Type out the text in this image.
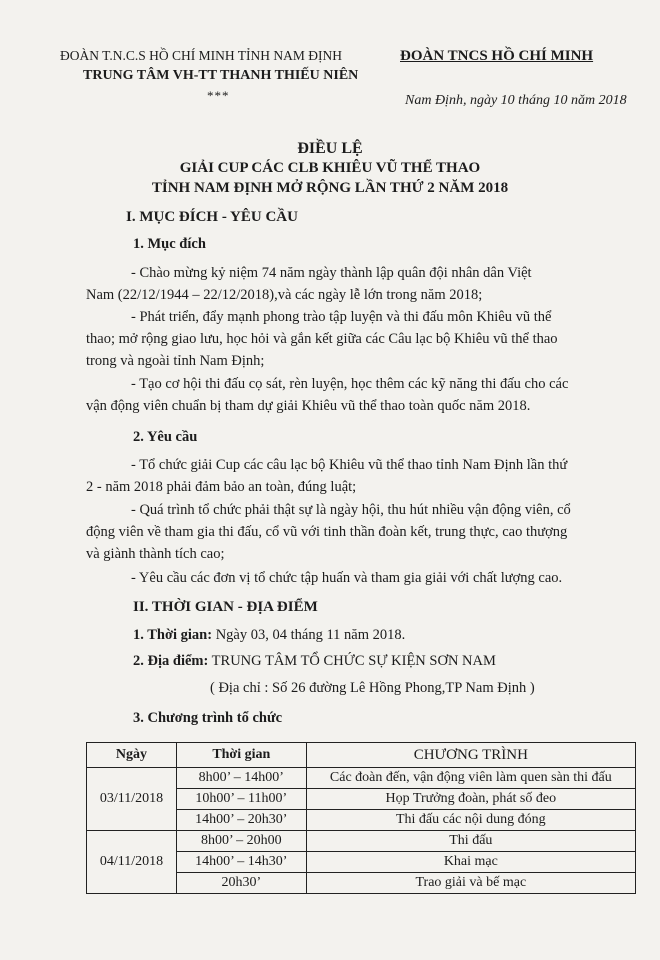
ĐOÀN T.N.C.S HỒ CHÍ MINH TỈNH NAM ĐỊNH
TRUNG TÂM VH-TT THANH THIẾU NIÊN
***
ĐOÀN TNCS HỒ CHÍ MINH
Nam Định, ngày 10 tháng 10 năm 2018
ĐIỀU LỆ
GIẢI CUP CÁC CLB KHIÊU VŨ THỂ THAO
TỈNH NAM ĐỊNH MỞ RỘNG LẦN THỨ 2 NĂM 2018
I. MỤC ĐÍCH - YÊU CẦU
1. Mục đích
- Chào mừng kỷ niệm 74 năm ngày thành lập quân đội nhân dân Việt
Nam (22/12/1944 – 22/12/2018),và các ngày lễ lớn trong năm 2018;
- Phát triển, đẩy mạnh phong trào tập luyện và thi đấu môn Khiêu vũ thể
thao; mở rộng giao lưu, học hỏi và gắn kết giữa các Câu lạc bộ Khiêu vũ thể thao
trong và ngoài tỉnh Nam Định;
- Tạo cơ hội thi đấu cọ sát, rèn luyện, học thêm các kỹ năng thi đấu cho các
vận động viên chuẩn bị tham dự giải Khiêu vũ thể thao toàn quốc năm 2018.
2. Yêu cầu
- Tổ chức giải Cup các câu lạc bộ Khiêu vũ thể thao tỉnh Nam Định lần thứ
2 - năm 2018 phải đảm bảo an toàn, đúng luật;
- Quá trình tổ chức phải thật sự là ngày hội, thu hút nhiều vận động viên, cổ
động viên về tham gia thi đấu, cổ vũ với tinh thần đoàn kết, trung thực, cao thượng
và giành thành tích cao;
- Yêu cầu các đơn vị tổ chức tập huấn và tham gia giải với chất lượng cao.
II. THỜI GIAN - ĐỊA ĐIỂM
1. Thời gian: Ngày 03, 04 tháng 11 năm 2018.
2. Địa điểm: TRUNG TÂM TỔ CHỨC SỰ KIỆN SƠN NAM
( Địa chỉ : Số 26 đường Lê Hồng Phong,TP Nam Định )
3. Chương trình tổ chức
Ngày	Thời gian	CHƯƠNG TRÌNH
03/11/2018	8h00’ – 14h00’	Các đoàn đến, vận động viên làm quen sàn thi đấu
	10h00’ – 11h00’	Họp Trưởng đoàn, phát số đeo
	14h00’ – 20h30’	Thi đấu các nội dung đóng
04/11/2018	8h00’ – 20h00	Thi đấu
	14h00’ – 14h30’	Khai mạc
	20h30’	Trao giải và bế mạc
